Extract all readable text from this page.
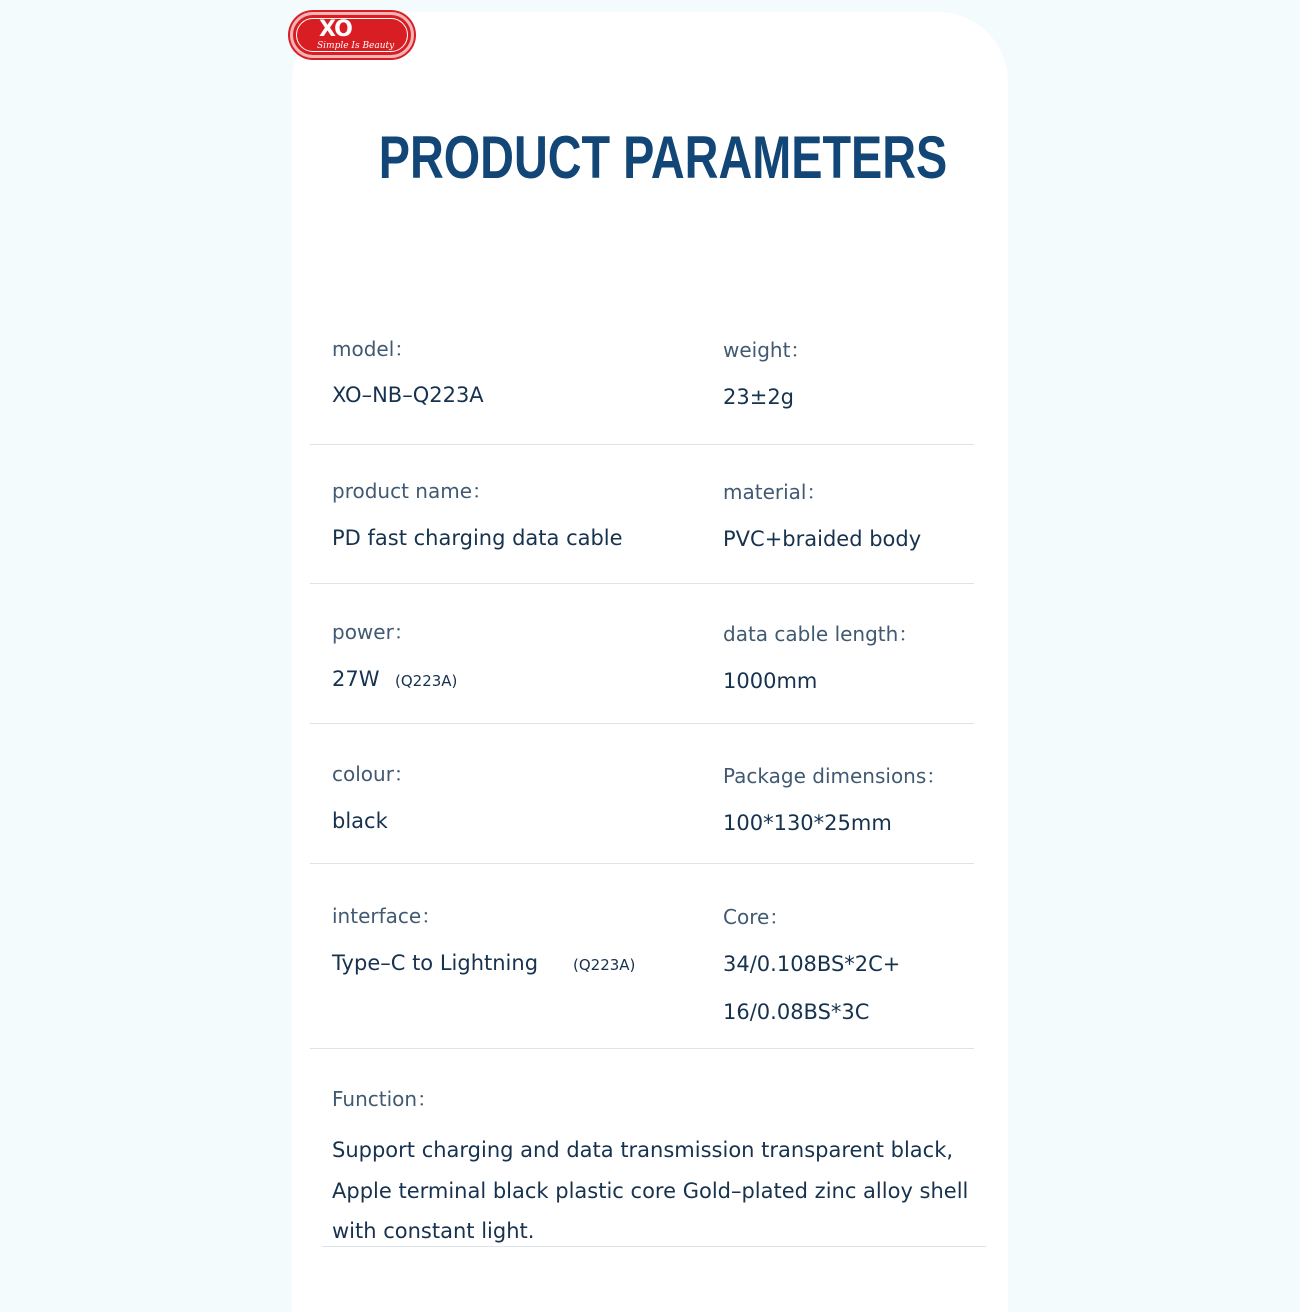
XO
Simple Is Beauty
PRODUCT PARAMETERS
model：
XO–NB–Q223A
weight：
23±2g
product name：
PD fast charging data cable
material：
PVC+braided body
power：
27W (Q223A)
data cable length：
1000mm
colour：
black
Package dimensions：
100*130*25mm
interface：
Type–C to Lightning (Q223A)
Core：
34/0.108BS*2C+
16/0.08BS*3C
Function：

Support charging and data transmission transparent black, Apple terminal black plastic core Gold–plated zinc alloy shell with constant light.
